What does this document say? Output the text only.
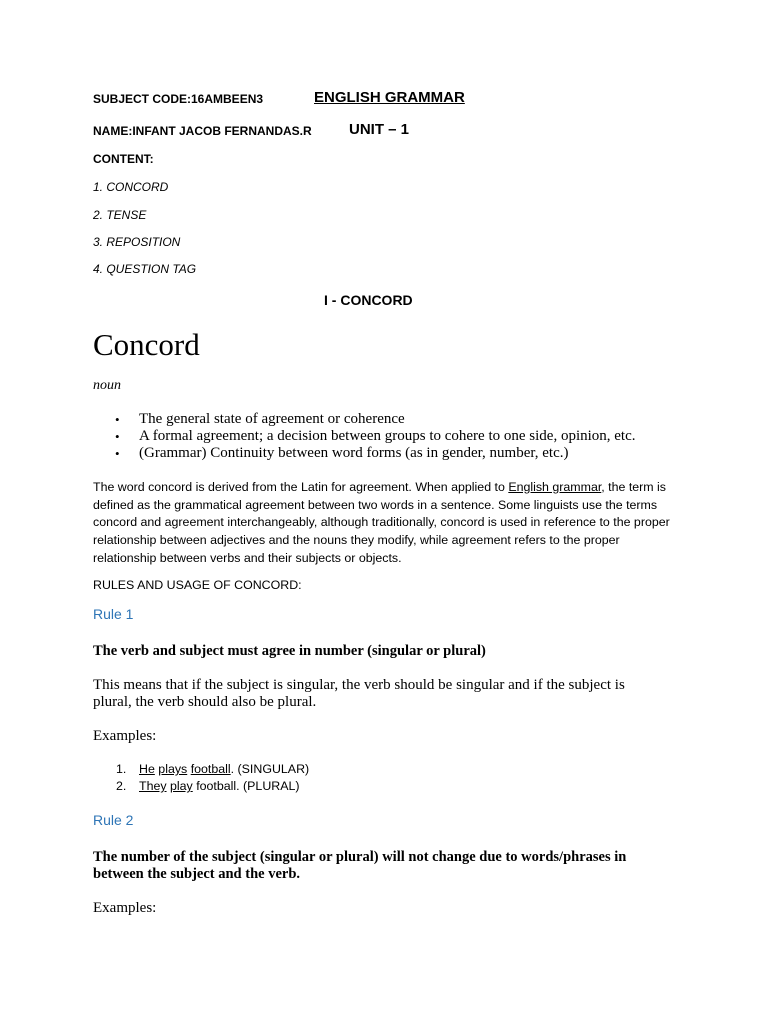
SUBJECT CODE:16AMBEEN3	ENGLISH GRAMMAR
NAME:INFANT JACOB FERNANDAS.R UNIT – 1
CONTENT:
1. CONCORD
2. TENSE
3. REPOSITION
4. QUESTION TAG
I - CONCORD
Concord
noun
• The general state of agreement or coherence
• A formal agreement; a decision between groups to cohere to one side, opinion, etc.
• (Grammar) Continuity between word forms (as in gender, number, etc.)
The word concord is derived from the Latin for agreement. When applied to English grammar, the term is defined as the grammatical agreement between two words in a sentence. Some linguists use the terms concord and agreement interchangeably, although traditionally, concord is used in reference to the proper relationship between adjectives and the nouns they modify, while agreement refers to the proper relationship between verbs and their subjects or objects.
RULES AND USAGE OF CONCORD:
Rule 1
The verb and subject must agree in number (singular or plural)
This means that if the subject is singular, the verb should be singular and if the subject is plural, the verb should also be plural.
Examples:
1. He plays football. (SINGULAR)
2. They play football. (PLURAL)
Rule 2
The number of the subject (singular or plural) will not change due to words/phrases in between the subject and the verb.
Examples:
